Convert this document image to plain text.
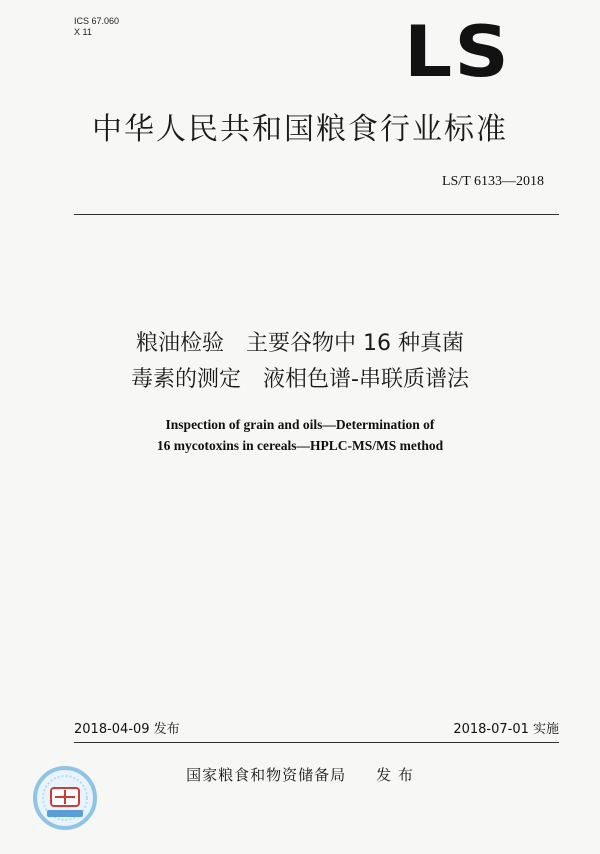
ICS 67.060
X 11	LS
中华人民共和国粮食行业标准
LS/T 6133—2018
粮油检验　主要谷物中 16 种真菌
毒素的测定　液相色谱-串联质谱法
Inspection of grain and oils—Determination of
16 mycotoxins in cereals—HPLC-MS/MS method
2018-04-09 发布	2018-07-01 实施
国家粮食和物资储备局 发 布
